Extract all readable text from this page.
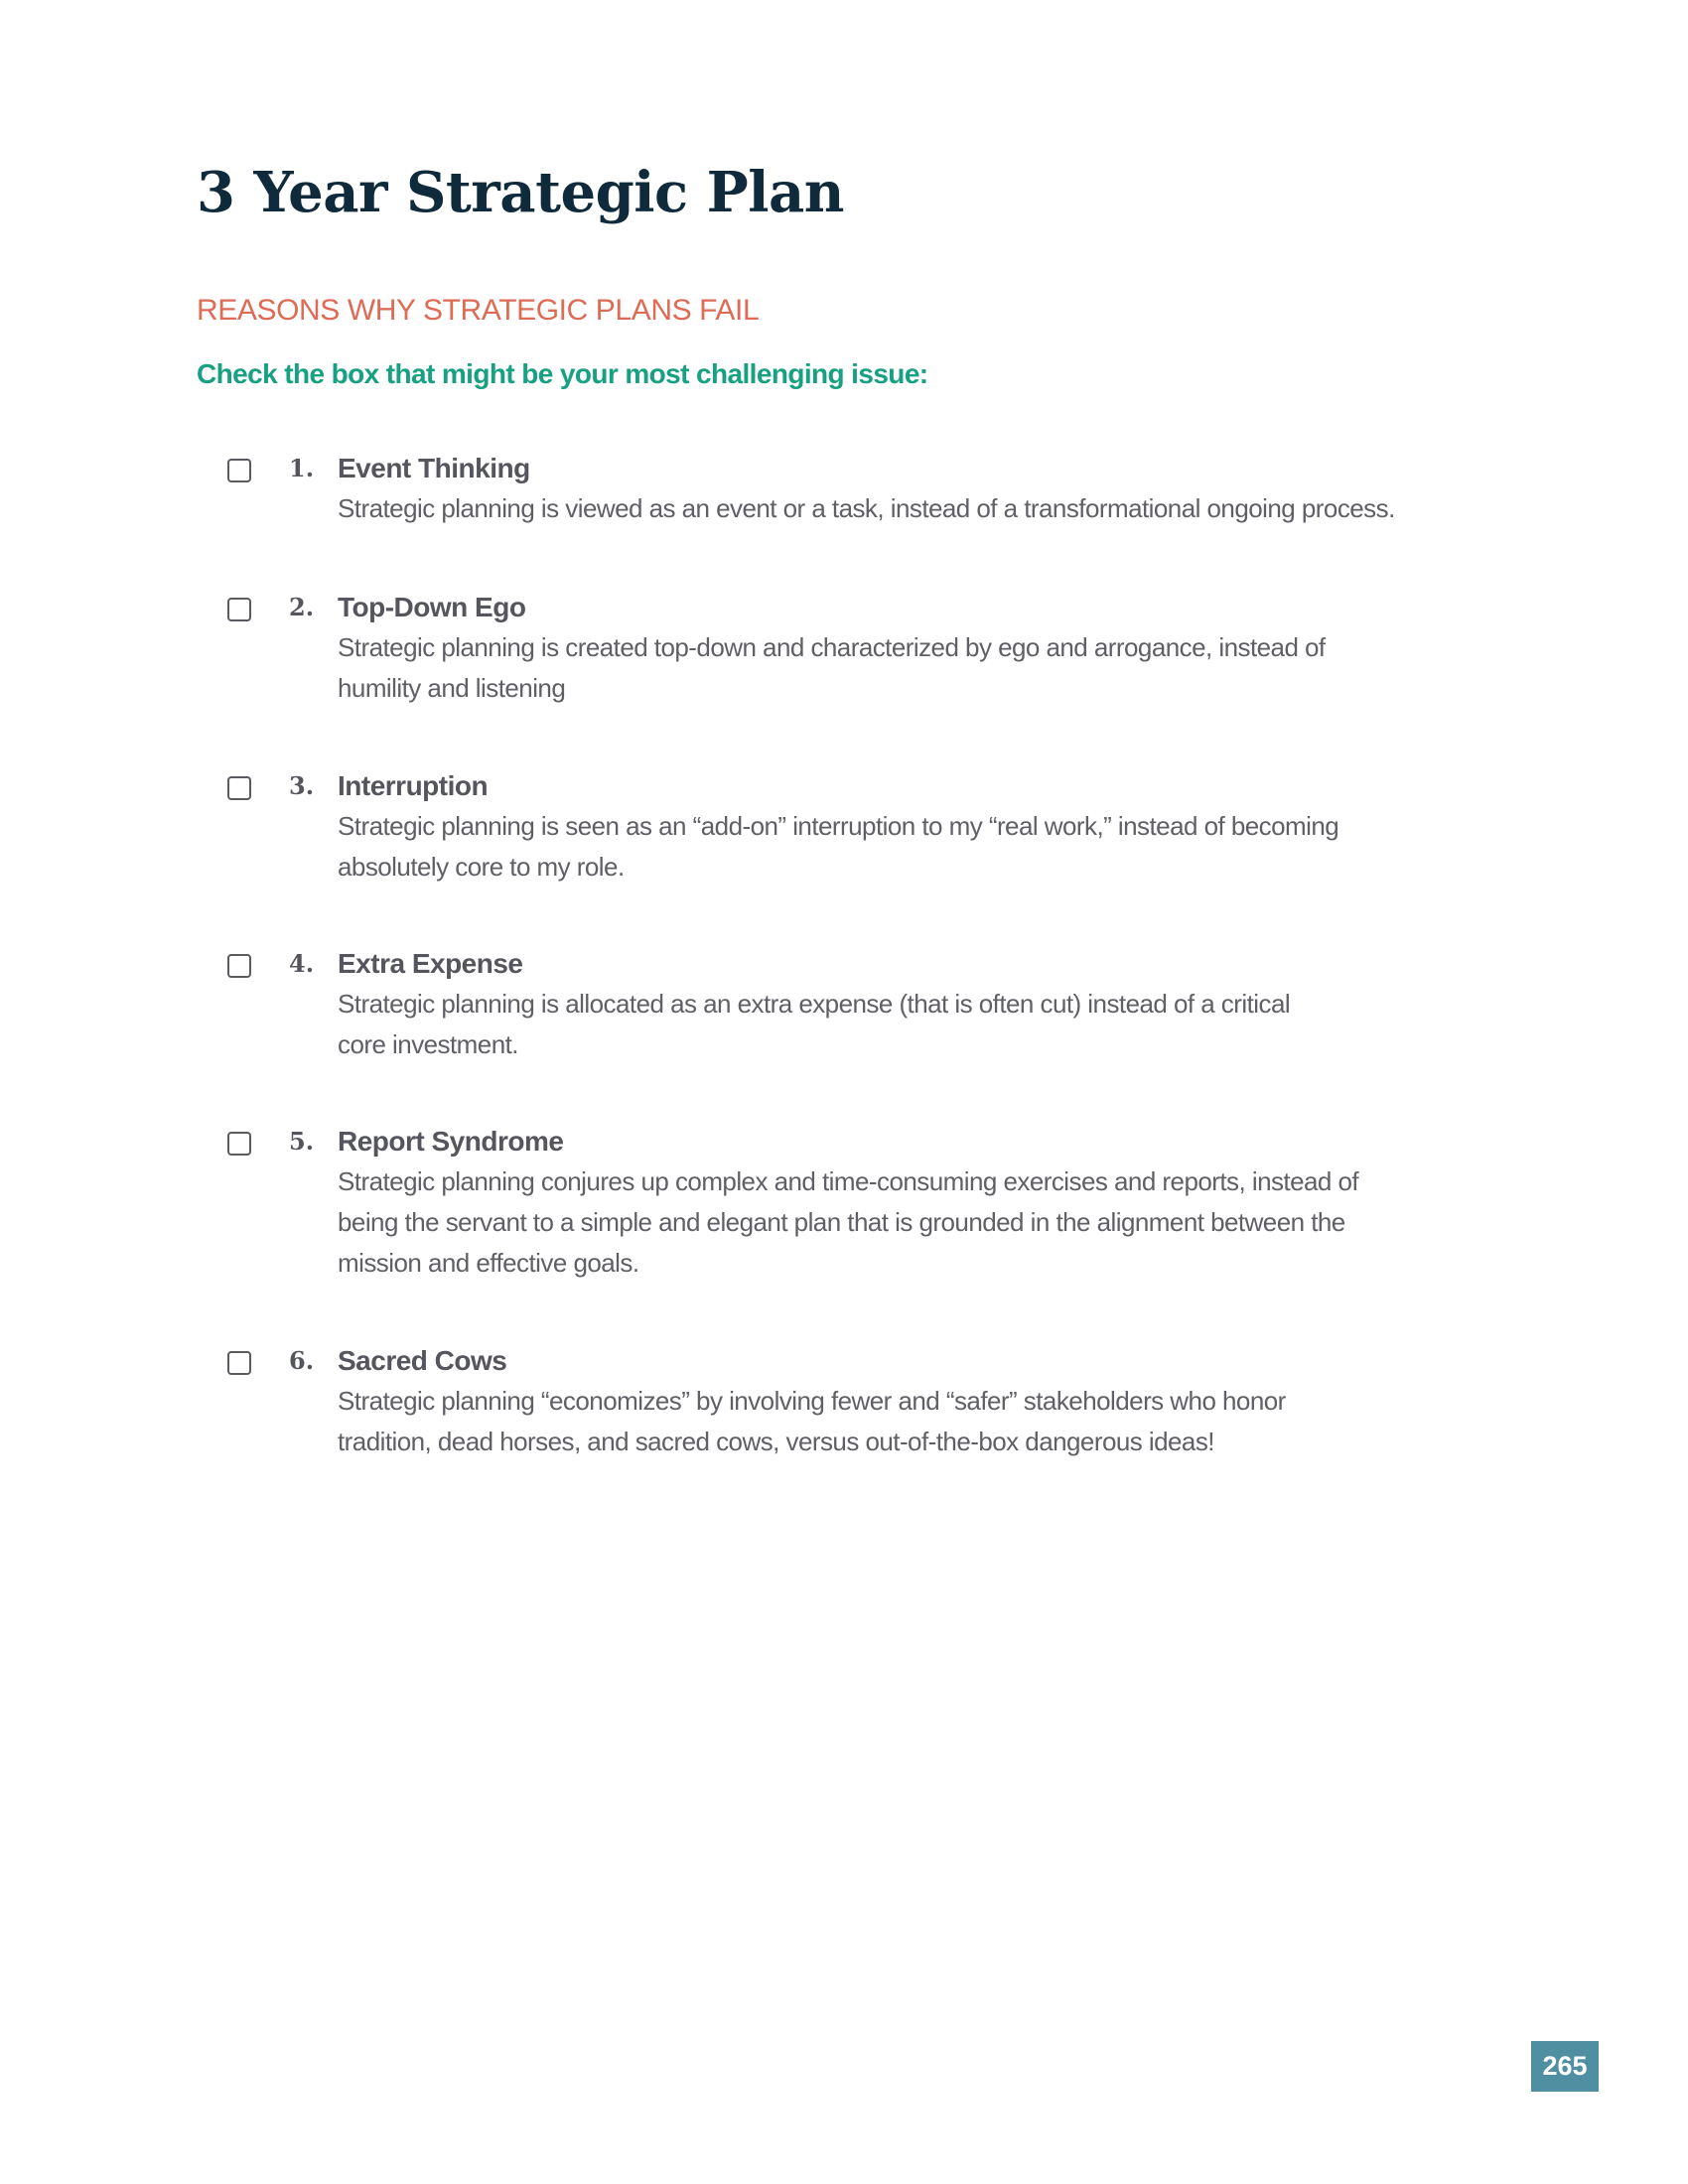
3 Year Strategic Plan
REASONS WHY STRATEGIC PLANS FAIL

Check the box that might be your most challenging issue:

1. Event Thinking
Strategic planning is viewed as an event or a task, instead of a transformational ongoing process.
2. Top-Down Ego
Strategic planning is created top-down and characterized by ego and arrogance, instead of
humility and listening
3. Interruption
Strategic planning is seen as an “add-on” interruption to my “real work,” instead of becoming
absolutely core to my role.
4. Extra Expense
Strategic planning is allocated as an extra expense (that is often cut) instead of a critical
core investment.
5. Report Syndrome
Strategic planning conjures up complex and time-consuming exercises and reports, instead of
being the servant to a simple and elegant plan that is grounded in the alignment between the
mission and effective goals.
6. Sacred Cows
Strategic planning “economizes” by involving fewer and “safer” stakeholders who honor
tradition, dead horses, and sacred cows, versus out-of-the-box dangerous ideas!
265
